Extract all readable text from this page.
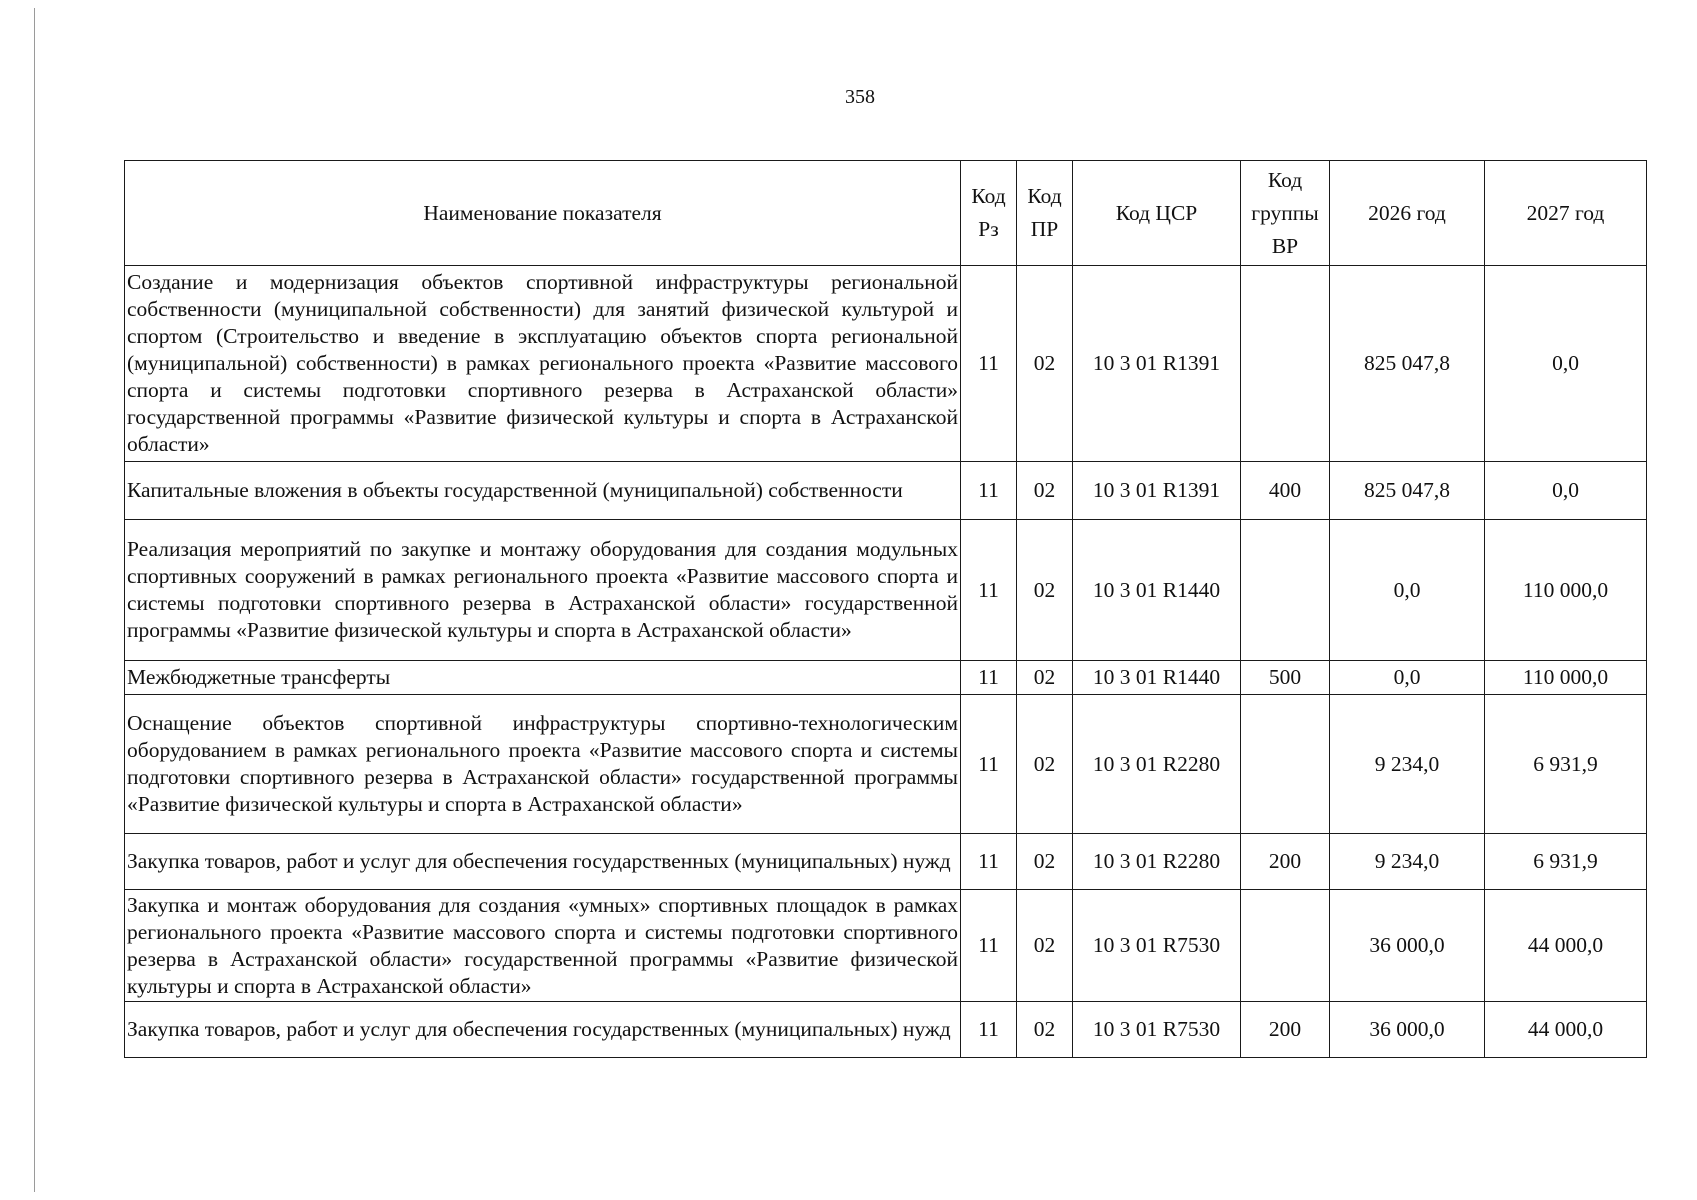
358
Наименование показателя	Код Рз	Код ПР	Код ЦСР	Код группы ВР	2026 год	2027 год
Создание и модернизация объектов спортивной инфраструктуры региональной собственности (муниципальной собственности) для занятий физической культурой и спортом (Строительство и введение в эксплуатацию объектов спорта региональной (муниципальной) собственности) в рамках регионального проекта «Развитие массового спорта и системы подготовки спортивного резерва в Астраханской области» государственной программы «Развитие физической культуры и спорта в Астраханской области»	11	02	10 3 01 R1391		825 047,8	0,0
Капитальные вложения в объекты государственной (муниципальной) собственности	11	02	10 3 01 R1391	400	825 047,8	0,0
Реализация мероприятий по закупке и монтажу оборудования для создания модульных спортивных сооружений в рамках регионального проекта «Развитие массового спорта и системы подготовки спортивного резерва в Астраханской области» государственной программы «Развитие физической культуры и спорта в Астраханской области»	11	02	10 3 01 R1440		0,0	110 000,0
Межбюджетные трансферты	11	02	10 3 01 R1440	500	0,0	110 000,0
Оснащение объектов спортивной инфраструктуры спортивно-технологическим оборудованием в рамках регионального проекта «Развитие массового спорта и системы подготовки спортивного резерва в Астраханской области» государственной программы «Развитие физической культуры и спорта в Астраханской области»	11	02	10 3 01 R2280		9 234,0	6 931,9
Закупка товаров, работ и услуг для обеспечения государственных (муниципальных) нужд	11	02	10 3 01 R2280	200	9 234,0	6 931,9
Закупка и монтаж оборудования для создания «умных» спортивных площадок в рамках регионального проекта «Развитие массового спорта и системы подготовки спортивного резерва в Астраханской области» государственной программы «Развитие физической культуры и спорта в Астраханской области»	11	02	10 3 01 R7530		36 000,0	44 000,0
Закупка товаров, работ и услуг для обеспечения государственных (муниципальных) нужд	11	02	10 3 01 R7530	200	36 000,0	44 000,0
